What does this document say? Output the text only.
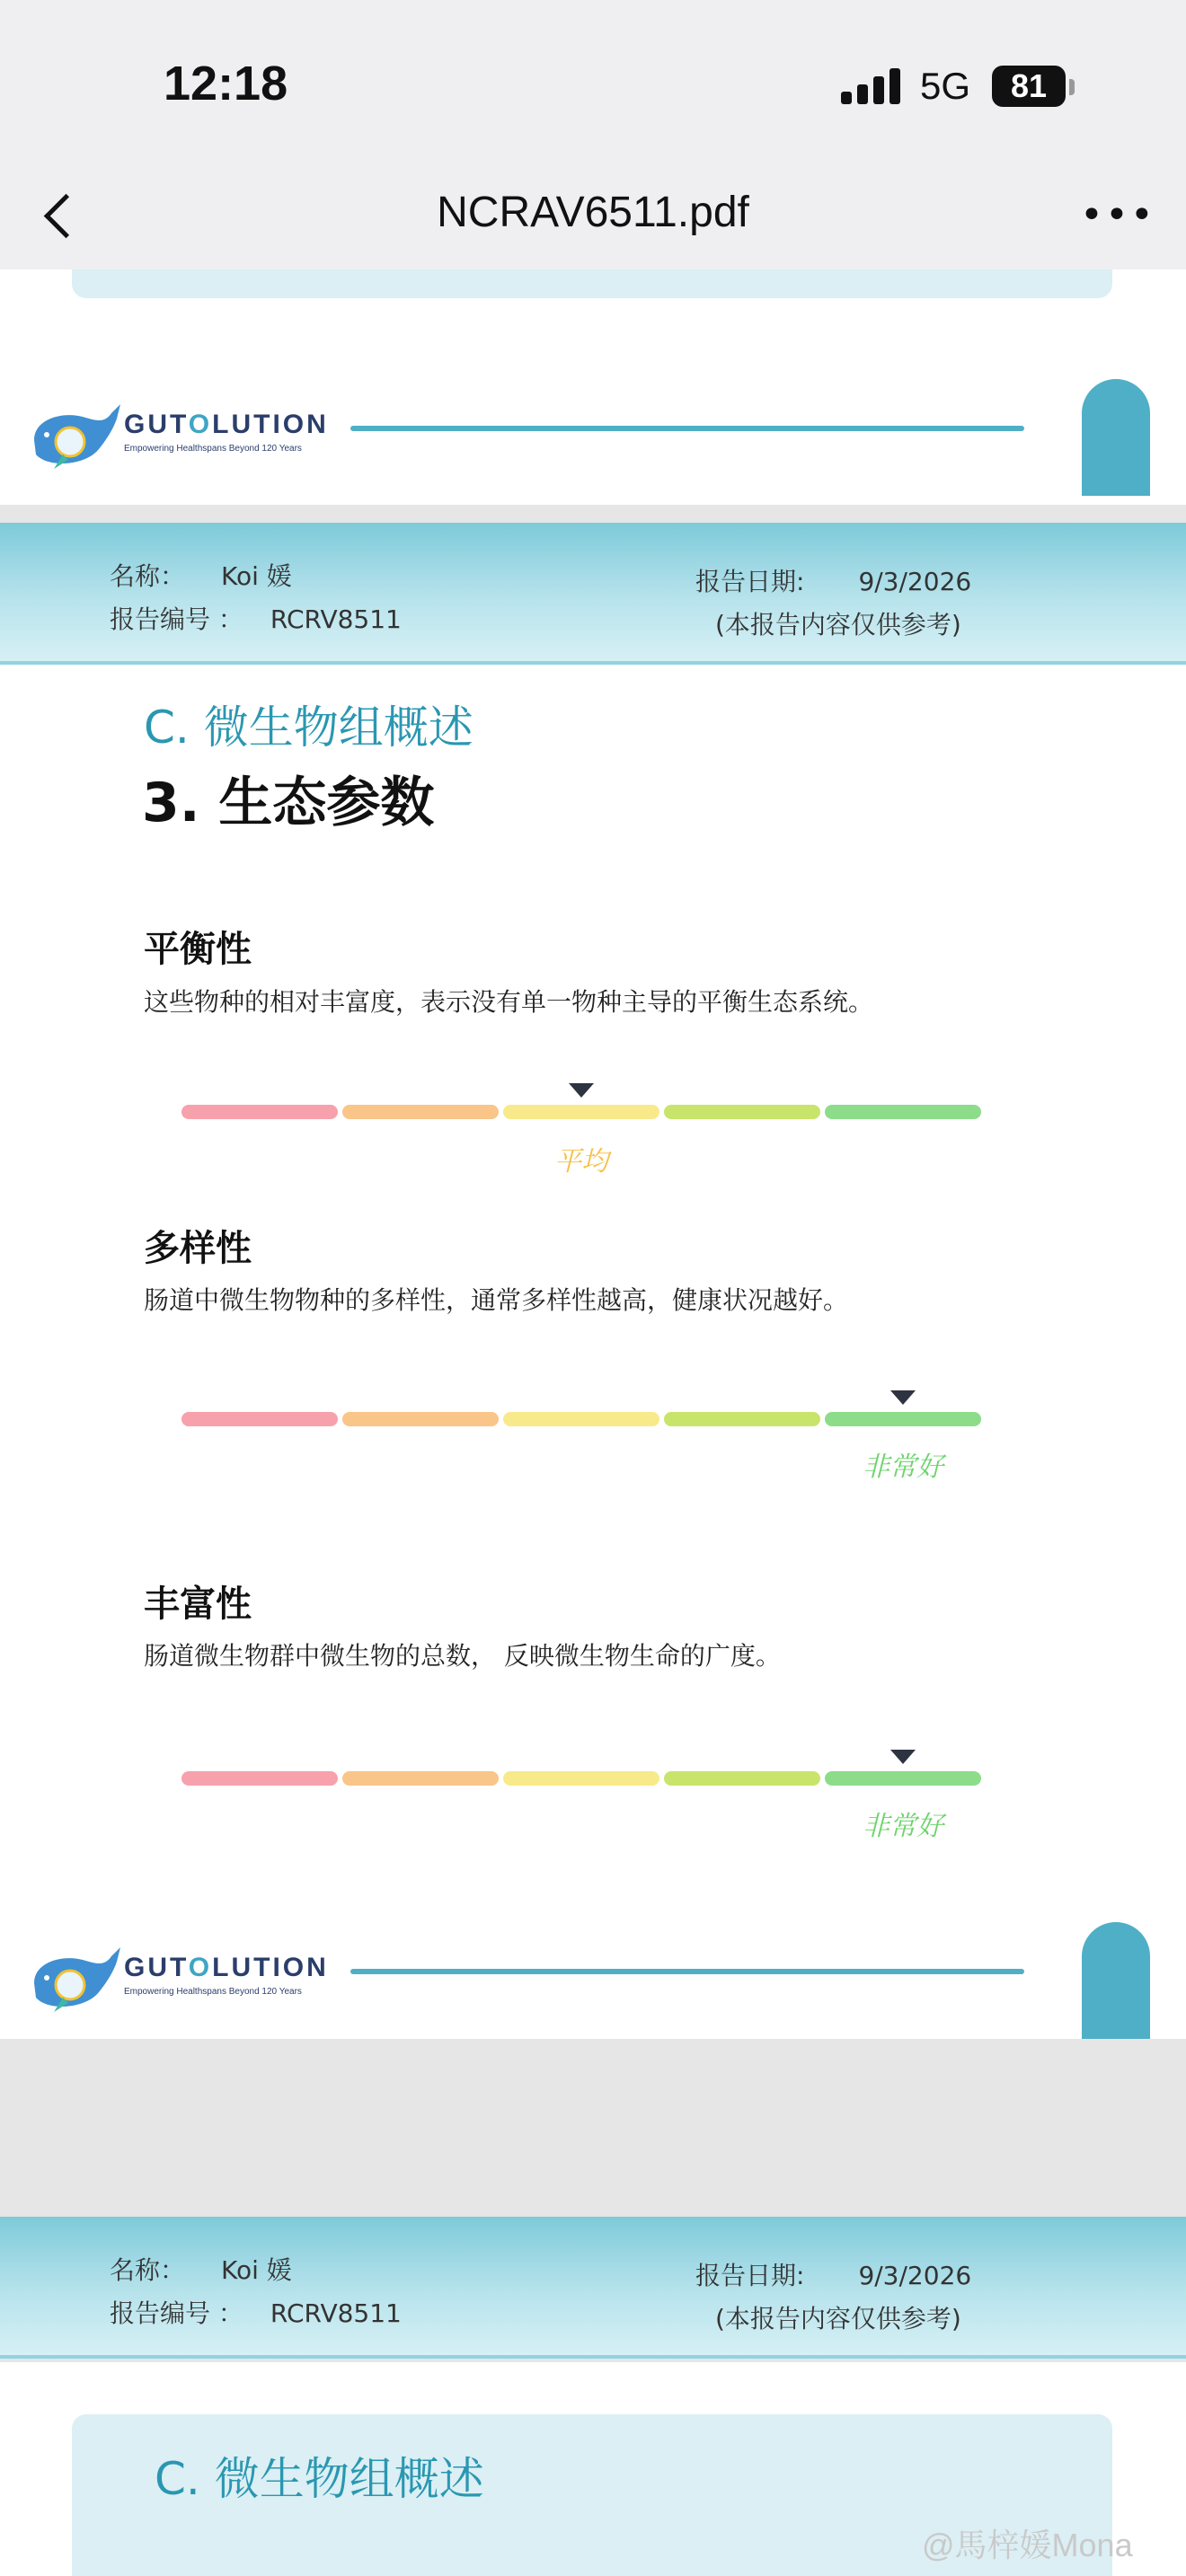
12:18	5G	81
NCRAV6511.pdf	•••
GUTOLUTION
Empowering Healthspans Beyond 120 Years
名称： Koi 媛
报告编号 ： RCRV8511
报告日期: 9/3/2026
(本报告内容仅供参考)
C. 微生物组概述
3. 生态参数
平衡性
这些物种的相对丰富度，表示没有单一物种主导的平衡生态系统。
平均
多样性
肠道中微生物物种的多样性，通常多样性越高，健康状况越好。
非常好
丰富性
肠道微生物群中微生物的总数， 反映微生物生命的广度。
非常好
GUTOLUTION
Empowering Healthspans Beyond 120 Years
名称： Koi 媛
报告编号 ： RCRV8511
报告日期: 9/3/2026
(本报告内容仅供参考)
C. 微生物组概述
@馬梓媛Mona
